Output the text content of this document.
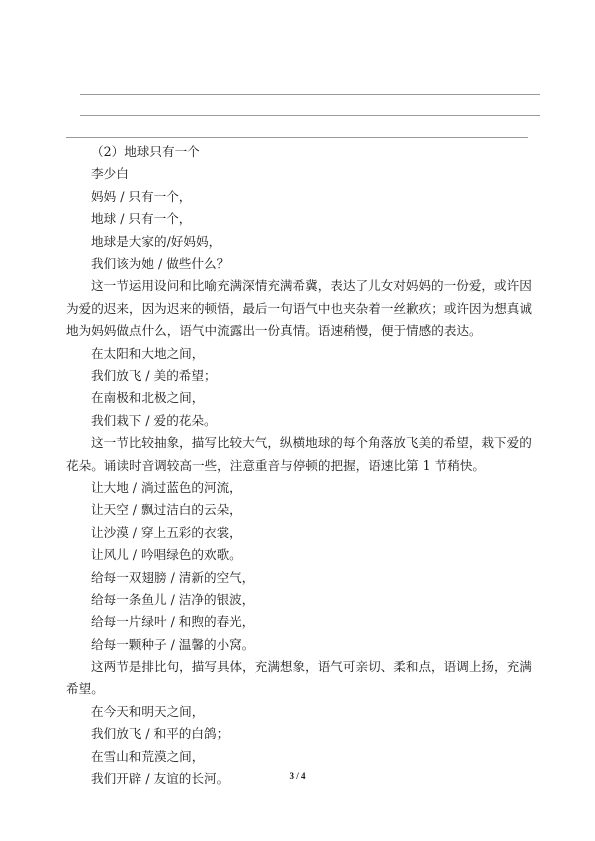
（2）地球只有一个
李少白
妈妈 / 只有一个，
地球 / 只有一个，
地球是大家的/好妈妈，
我们该为她 / 做些什么？

这一节运用设问和比喻充满深情充满希冀，表达了儿女对妈妈的一份爱，或许因为爱的迟来，因为迟来的顿悟，最后一句语气中也夹杂着一丝歉疚；或许因为想真诚地为妈妈做点什么，语气中流露出一份真情。语速稍慢，便于情感的表达。

在太阳和大地之间，
我们放飞 / 美的希望；
在南极和北极之间，
我们栽下 / 爱的花朵。

这一节比较抽象，描写比较大气，纵横地球的每个角落放飞美的希望，栽下爱的花朵。诵读时音调较高一些，注意重音与停顿的把握，语速比第 1 节稍快。

让大地 / 淌过蓝色的河流，
让天空 / 飘过洁白的云朵，
让沙漠 / 穿上五彩的衣裳，
让风儿 / 吟唱绿色的欢歌。
给每一双翅膀 / 清新的空气，
给每一条鱼儿 / 洁净的银波，
给每一片绿叶 / 和煦的春光，
给每一颗种子 / 温馨的小窝。

这两节是排比句，描写具体，充满想象，语气可亲切、柔和点，语调上扬，充满希望。

在今天和明天之间，
我们放飞 / 和平的白鸽；
在雪山和荒漠之间，
我们开辟 / 友谊的长河。	3 / 4
